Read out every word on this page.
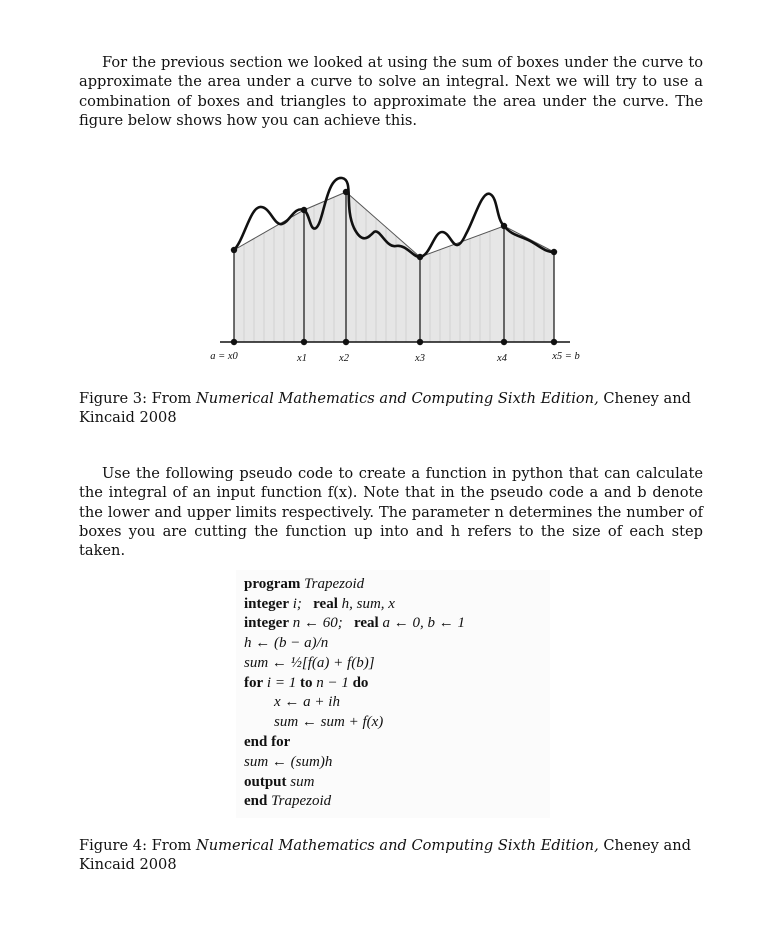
For the previous section we looked at using the sum of boxes under the curve to approximate the area under a curve to solve an integral. Next we will try to use a combination of boxes and triangles to approximate the area under the curve. The figure below shows how you can achieve this.

a = x0	x1	x2	x3	x4	x5 = b

Figure 3: From Numerical Mathematics and Computing Sixth Edition, Cheney and Kincaid 2008

Use the following pseudo code to create a function in python that can calculate the integral of an input function f(x). Note that in the pseudo code a and b denote the lower and upper limits respectively. The parameter n determines the number of boxes you are cutting the function up into and h refers to the size of each step taken.

program Trapezoid
integer i; real h, sum, x
integer n ← 60; real a ← 0, b ← 1
h ← (b − a)/n
sum ← ½[f(a) + f(b)]
for i = 1 to n − 1 do
x ← a + ih
sum ← sum + f(x)
end for
sum ← (sum)h
output sum
end Trapezoid

Figure 4: From Numerical Mathematics and Computing Sixth Edition, Cheney and Kincaid 2008
